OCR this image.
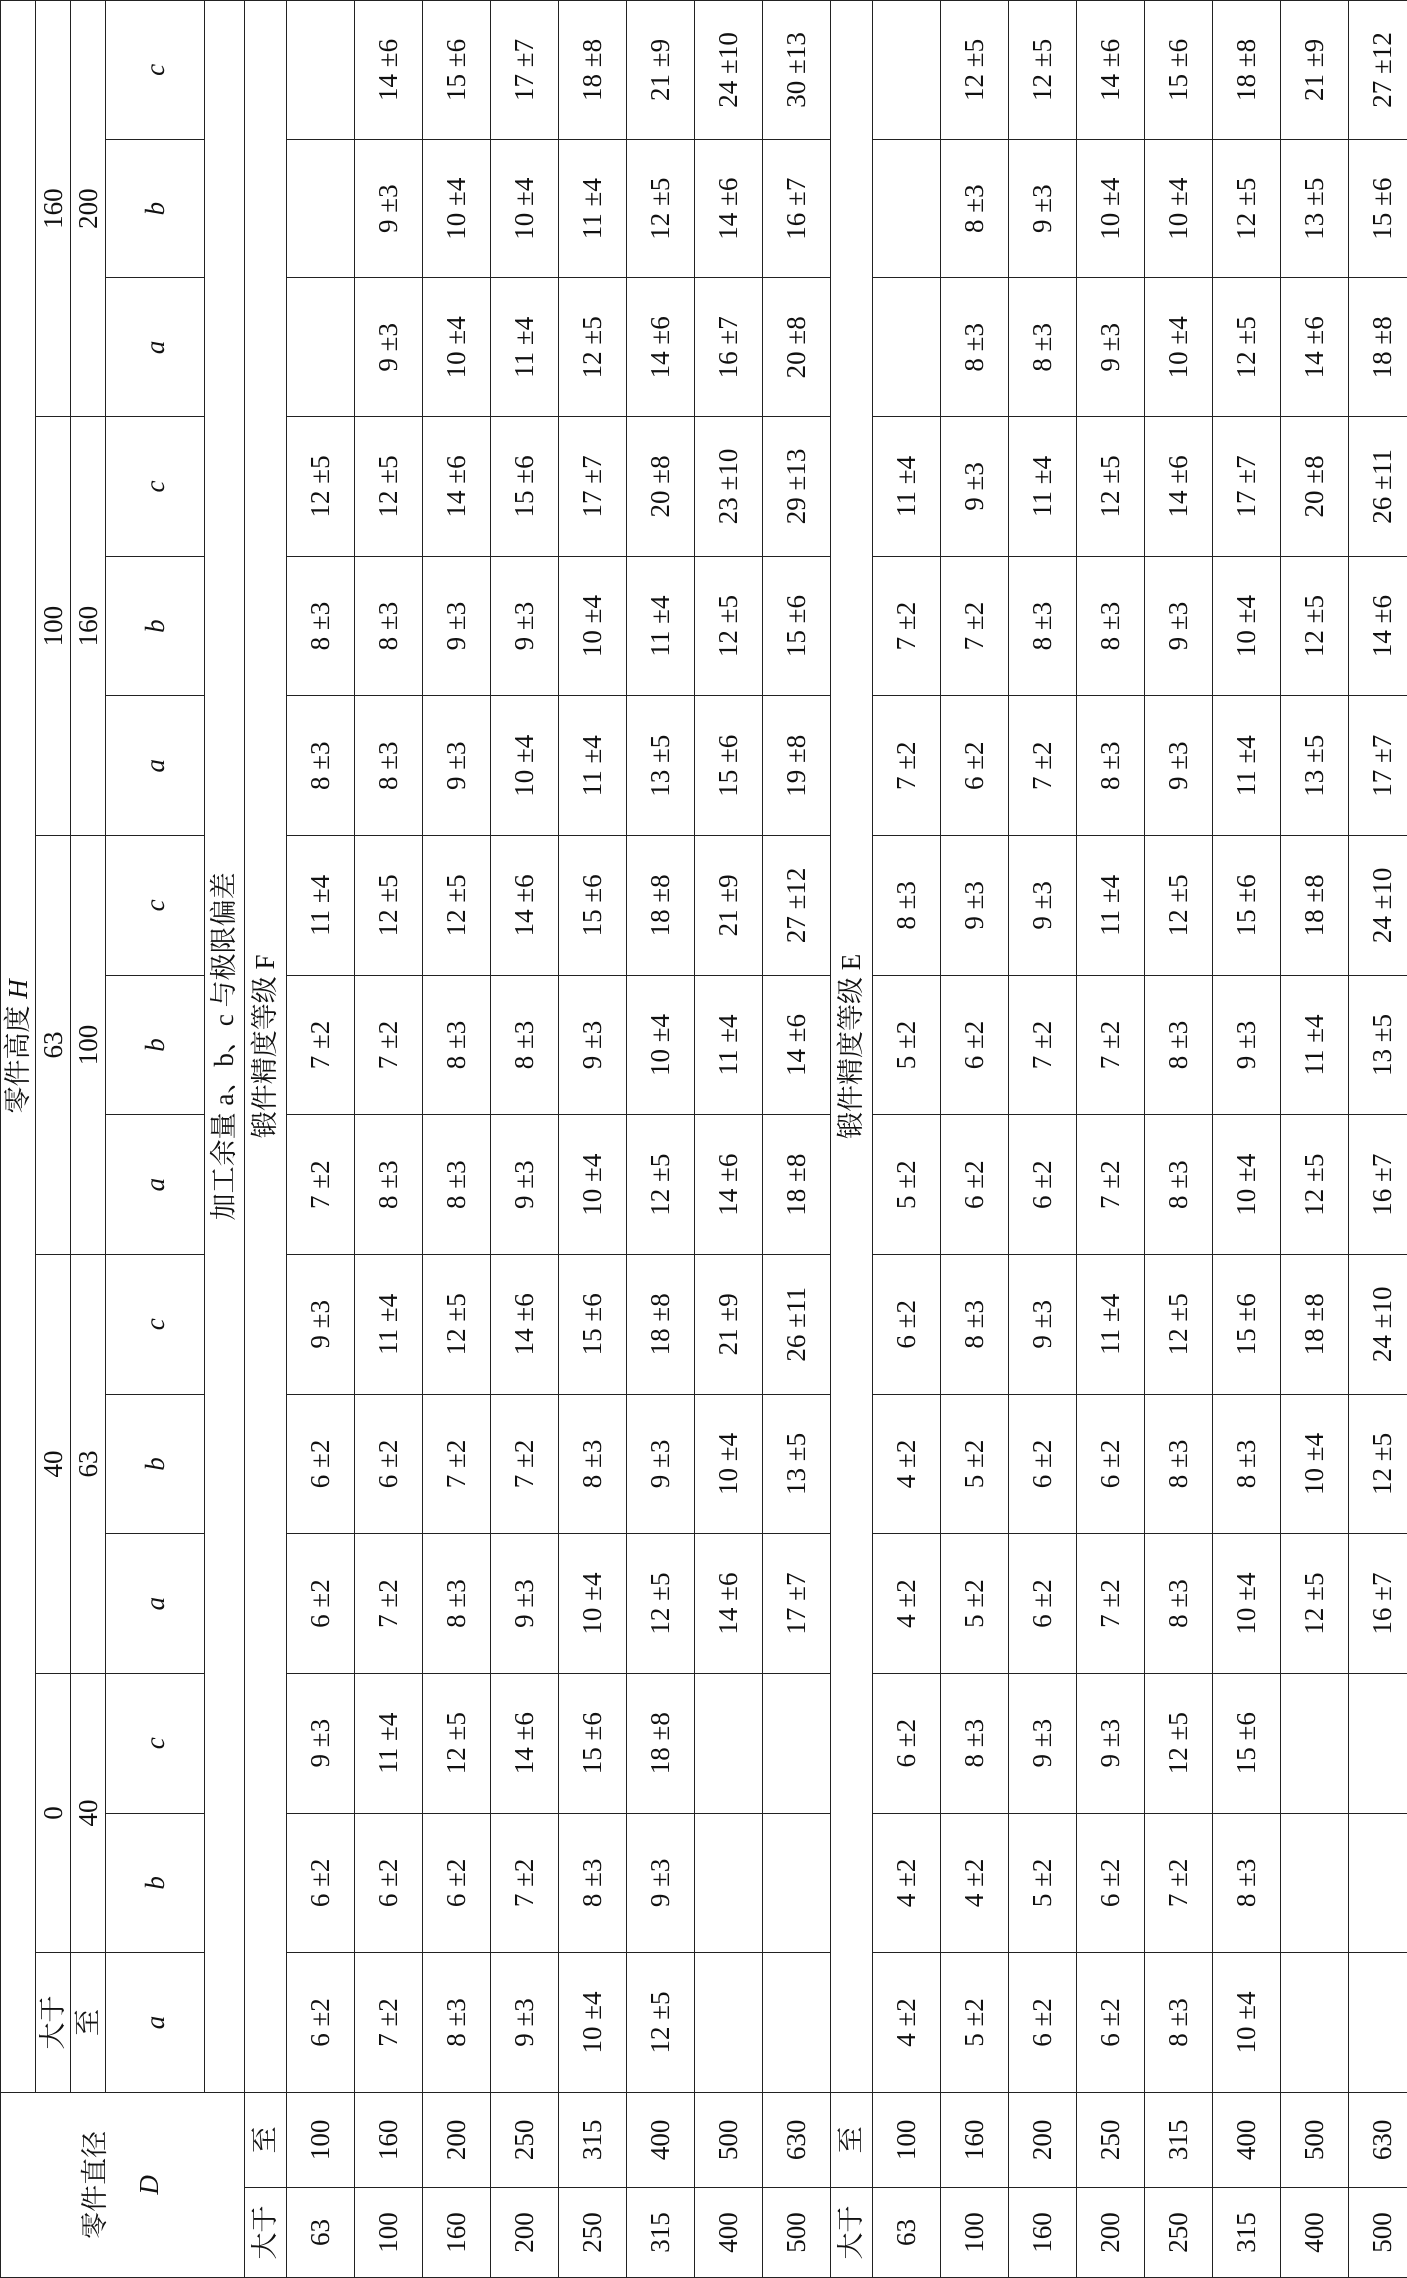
零件直径 D		零件高度 H														
		大于	0		40			63			100			160		
		至	40		63			100			160			200		
		a	b	c	a	b	c	a	b	c	a	b	c	a	b	c
		加工余量 a、b、c 与极限偏差														
大于	至	锻件精度等级 F														
63	100	6 ±2	6 ±2	9 ±3	6 ±2	6 ±2	9 ±3	7 ±2	7 ±2	11 ±4	8 ±3	8 ±3	12 ±5			
100	160	7 ±2	6 ±2	11 ±4	7 ±2	6 ±2	11 ±4	8 ±3	7 ±2	12 ±5	8 ±3	8 ±3	12 ±5	9 ±3	9 ±3	14 ±6
160	200	8 ±3	6 ±2	12 ±5	8 ±3	7 ±2	12 ±5	8 ±3	8 ±3	12 ±5	9 ±3	9 ±3	14 ±6	10 ±4	10 ±4	15 ±6
200	250	9 ±3	7 ±2	14 ±6	9 ±3	7 ±2	14 ±6	9 ±3	8 ±3	14 ±6	10 ±4	9 ±3	15 ±6	11 ±4	10 ±4	17 ±7
250	315	10 ±4	8 ±3	15 ±6	10 ±4	8 ±3	15 ±6	10 ±4	9 ±3	15 ±6	11 ±4	10 ±4	17 ±7	12 ±5	11 ±4	18 ±8
315	400	12 ±5	9 ±3	18 ±8	12 ±5	9 ±3	18 ±8	12 ±5	10 ±4	18 ±8	13 ±5	11 ±4	20 ±8	14 ±6	12 ±5	21 ±9
400	500				14 ±6	10 ±4	21 ±9	14 ±6	11 ±4	21 ±9	15 ±6	12 ±5	23 ±10	16 ±7	14 ±6	24 ±10
500	630				17 ±7	13 ±5	26 ±11	18 ±8	14 ±6	27 ±12	19 ±8	15 ±6	29 ±13	20 ±8	16 ±7	30 ±13
大于	至	锻件精度等级 E														
63	100	4 ±2	4 ±2	6 ±2	4 ±2	4 ±2	6 ±2	5 ±2	5 ±2	8 ±3	7 ±2	7 ±2	11 ±4			
100	160	5 ±2	4 ±2	8 ±3	5 ±2	5 ±2	8 ±3	6 ±2	6 ±2	9 ±3	6 ±2	7 ±2	9 ±3	8 ±3	8 ±3	12 ±5
160	200	6 ±2	5 ±2	9 ±3	6 ±2	6 ±2	9 ±3	6 ±2	7 ±2	9 ±3	7 ±2	8 ±3	11 ±4	8 ±3	9 ±3	12 ±5
200	250	6 ±2	6 ±2	9 ±3	7 ±2	6 ±2	11 ±4	7 ±2	7 ±2	11 ±4	8 ±3	8 ±3	12 ±5	9 ±3	10 ±4	14 ±6
250	315	8 ±3	7 ±2	12 ±5	8 ±3	8 ±3	12 ±5	8 ±3	8 ±3	12 ±5	9 ±3	9 ±3	14 ±6	10 ±4	10 ±4	15 ±6
315	400	10 ±4	8 ±3	15 ±6	10 ±4	8 ±3	15 ±6	10 ±4	9 ±3	15 ±6	11 ±4	10 ±4	17 ±7	12 ±5	12 ±5	18 ±8
400	500				12 ±5	10 ±4	18 ±8	12 ±5	11 ±4	18 ±8	13 ±5	12 ±5	20 ±8	14 ±6	13 ±5	21 ±9
500	630				16 ±7	12 ±5	24 ±10	16 ±7	13 ±5	24 ±10	17 ±7	14 ±6	26 ±11	18 ±8	15 ±6	27 ±12
